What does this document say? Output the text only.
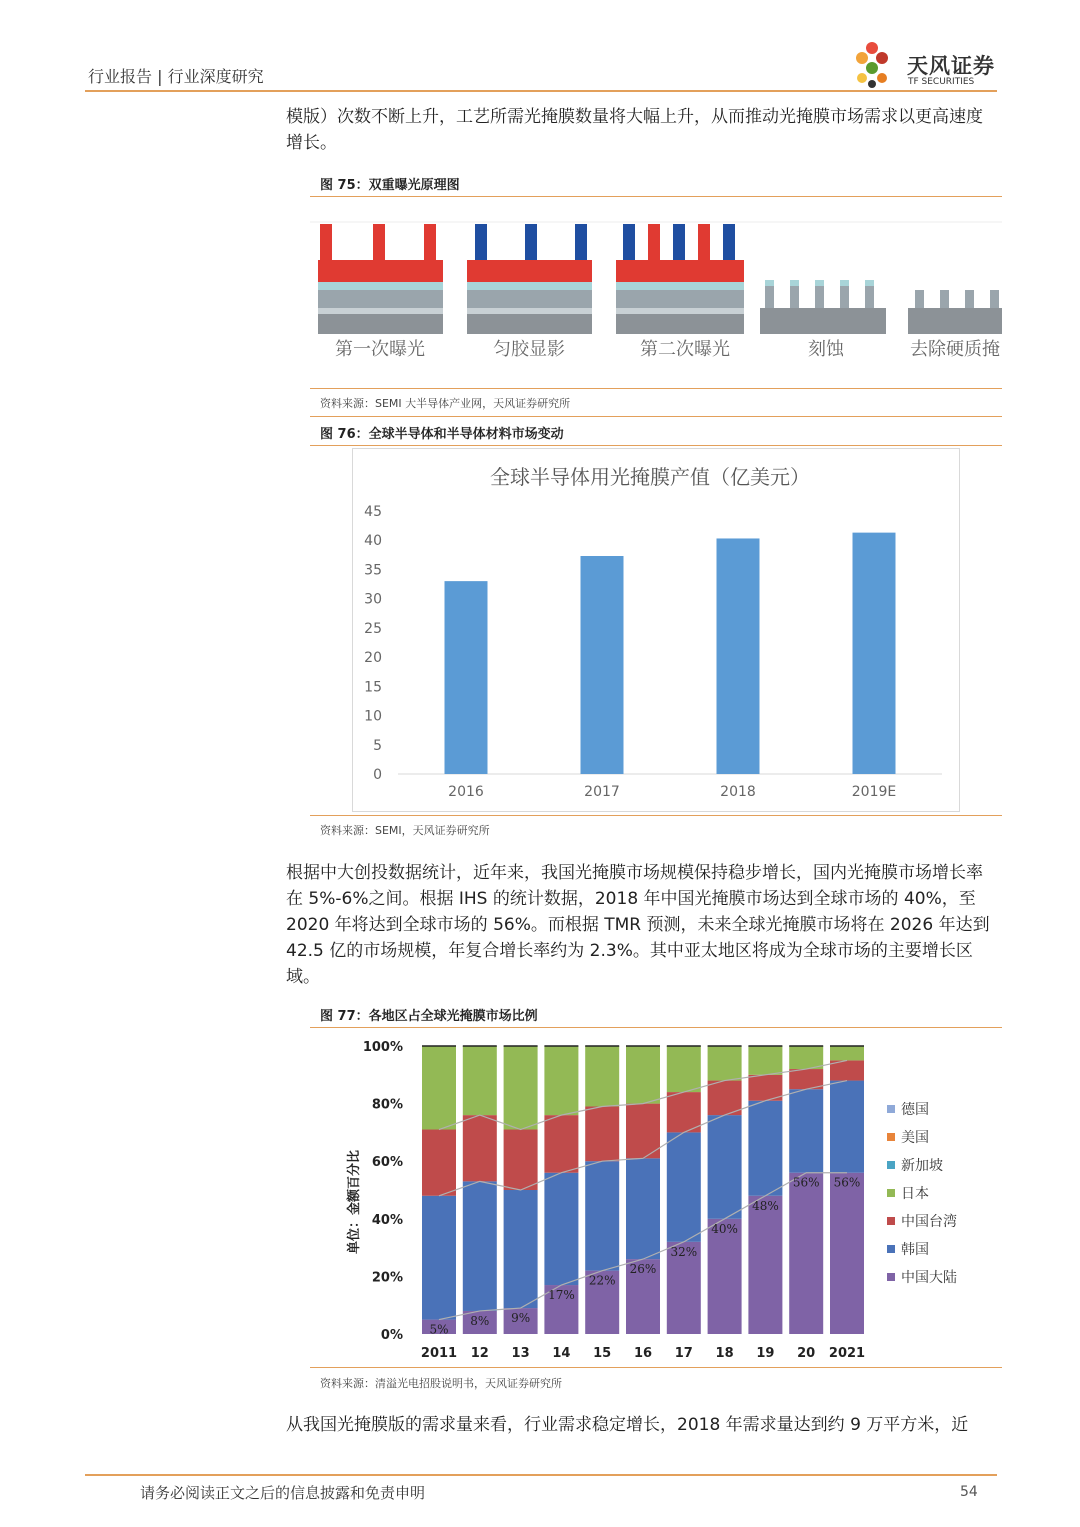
行业报告 | 行业深度研究	天风证券
TF SECURITIES
模版）次数不断上升，工艺所需光掩膜数量将大幅上升，从而推动光掩膜市场需求以更高速度增长。
图 75：双重曝光原理图
第一次曝光	匀胶显影	第二次曝光	刻蚀	去除硬质掩
资料来源：SEMI 大半导体产业网，天风证券研究所
图 76：全球半导体和半导体材料市场变动
全球半导体用光掩膜产值（亿美元）
0
5
10
15
20
25
30
35
40
45
2016	2017	2018	2019E
资料来源：SEMI，天风证券研究所
根据中大创投数据统计，近年来，我国光掩膜市场规模保持稳步增长，国内光掩膜市场增长率在 5%-6%之间。根据 IHS 的统计数据，2018 年中国光掩膜市场达到全球市场的 40%，至 2020 年将达到全球市场的 56%。而根据 TMR 预测，未来全球光掩膜市场将在 2026 年达到 42.5 亿的市场规模，年复合增长率约为 2.3%。其中亚太地区将成为全球市场的主要增长区域。
图 77：各地区占全球光掩膜市场比例
单位：金额百分比
0%
20%
40%
60%
80%
100%
5%
8% 9%
17%
22%
26%
32%
40%
48%
56% 56%
2011 12 13 14 15 16 17 18 19 20 2021
德国
美国
新加坡
日本
中国台湾
韩国
中国大陆
资料来源：清溢光电招股说明书，天风证券研究所
从我国光掩膜版的需求量来看，行业需求稳定增长，2018 年需求量达到约 9 万平方米，近
请务必阅读正文之后的信息披露和免责申明	54
